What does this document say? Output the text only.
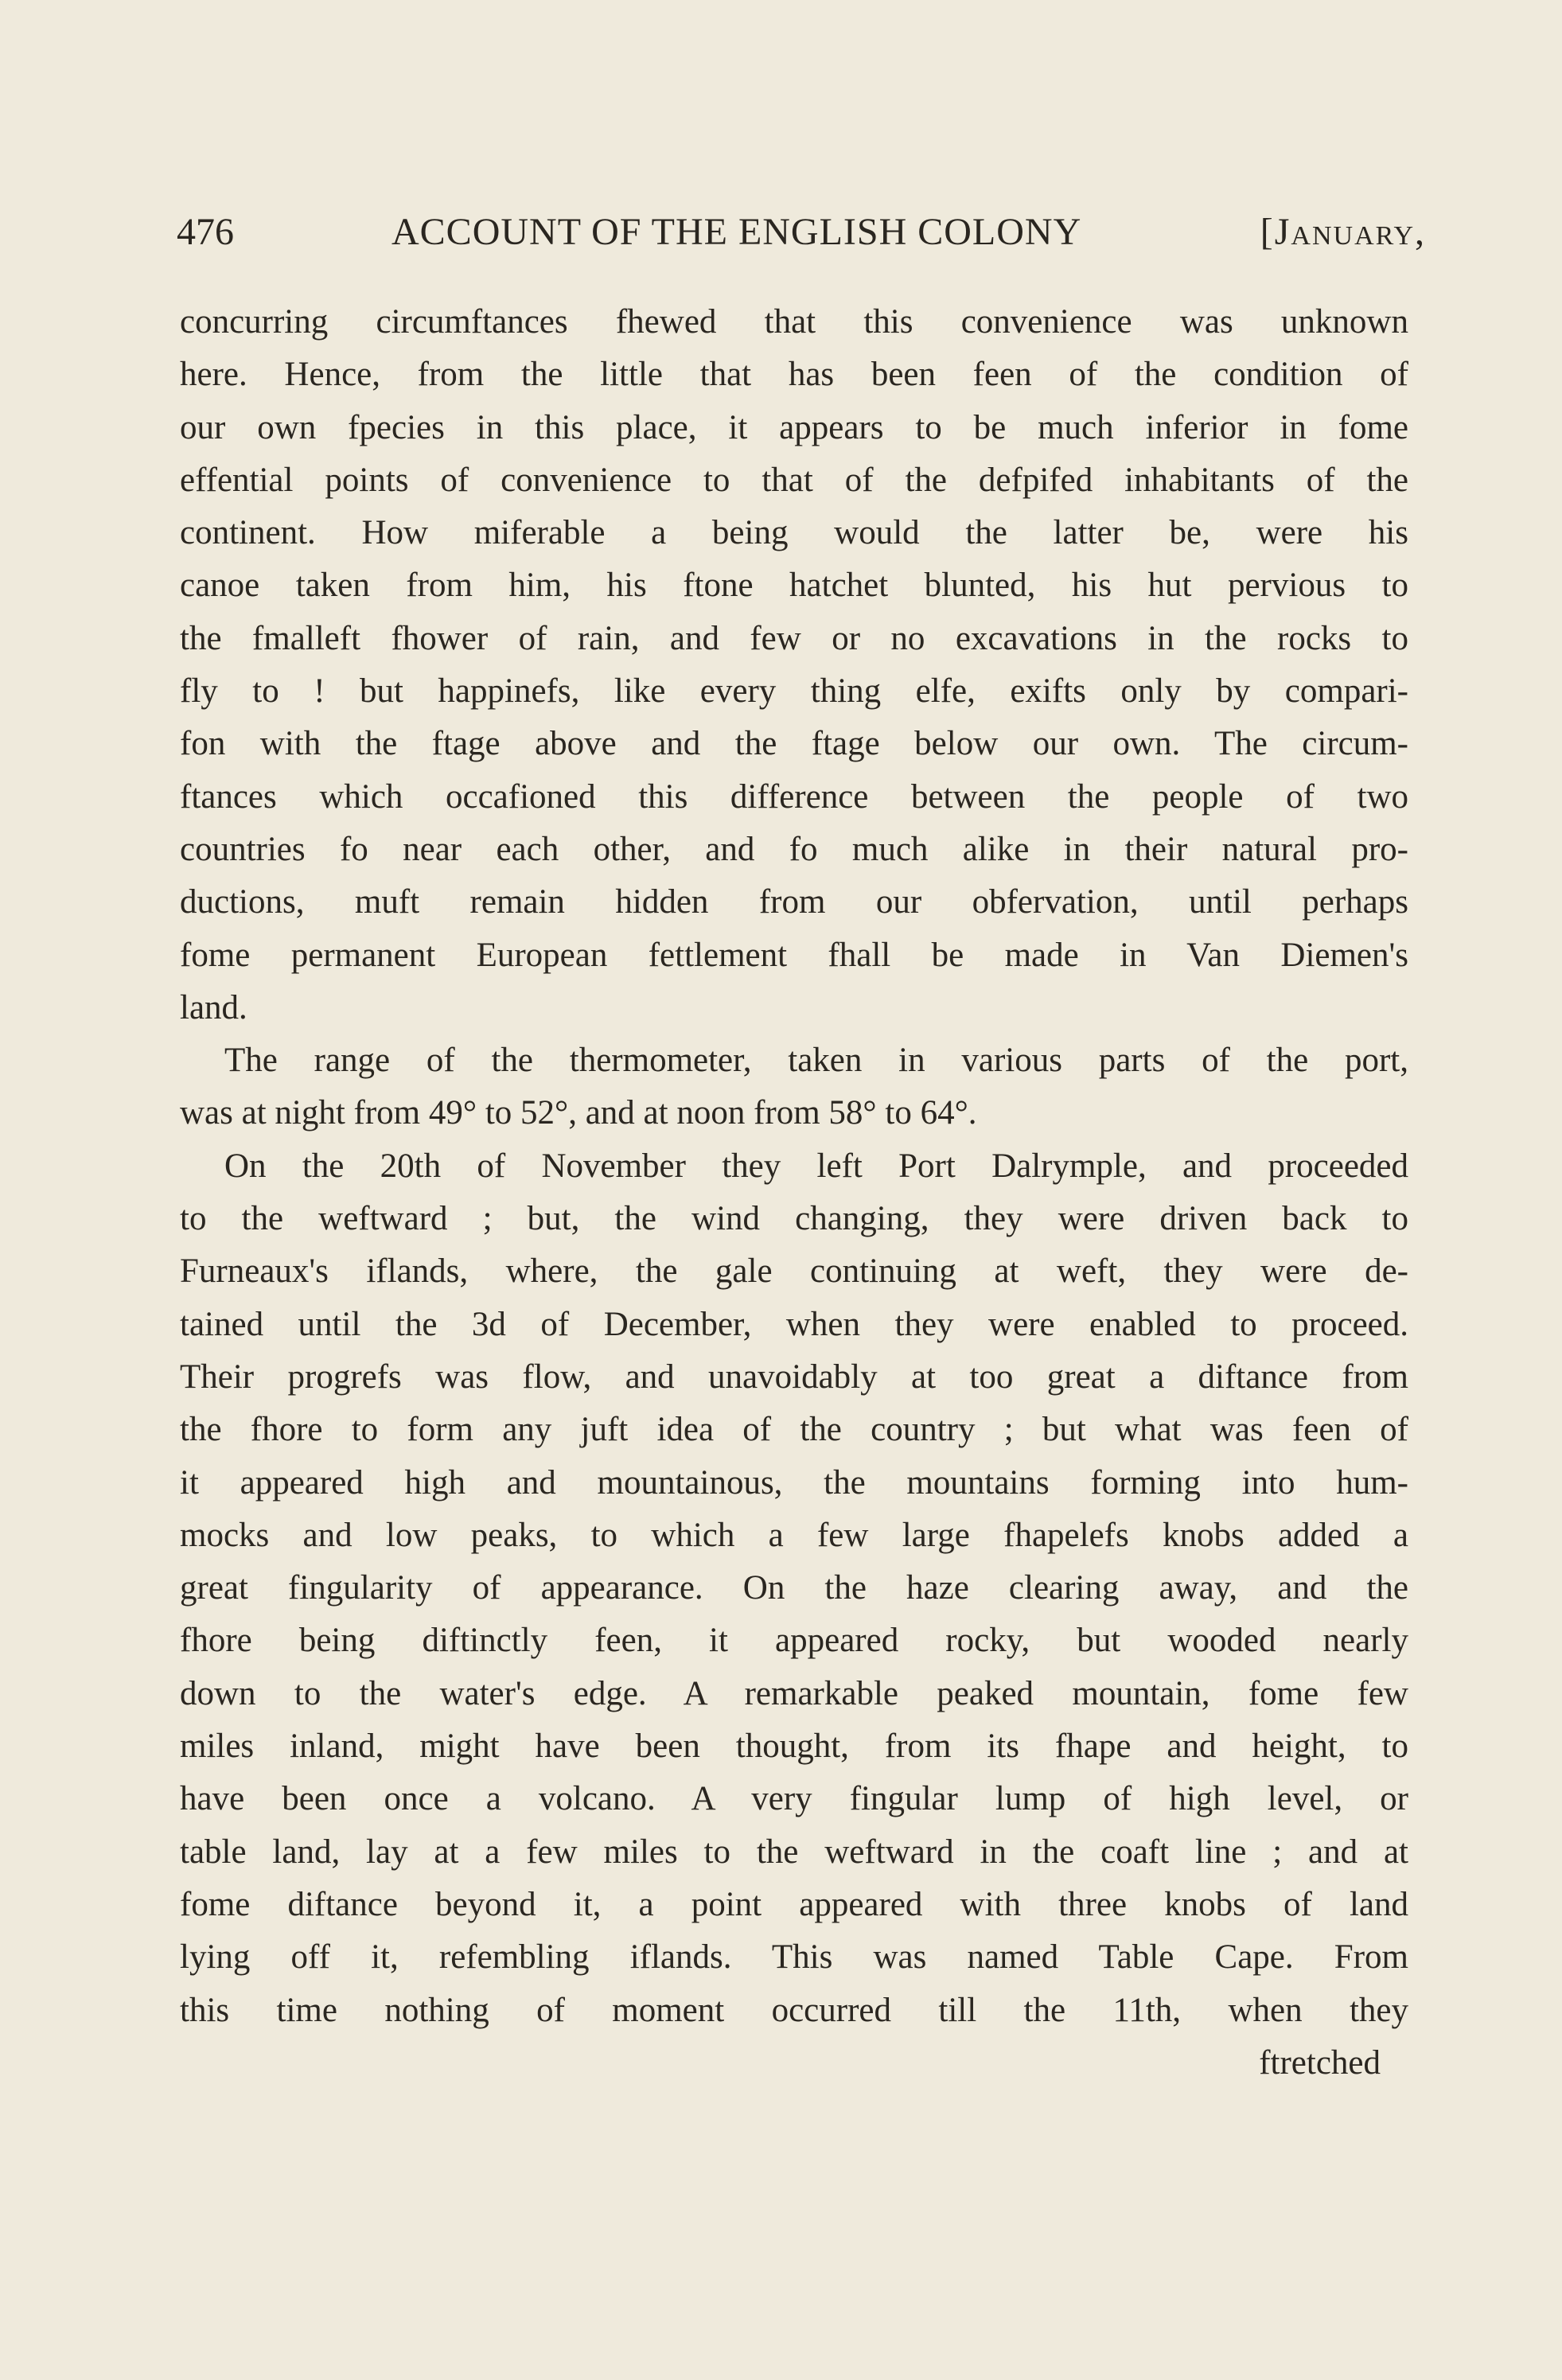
476	ACCOUNT OF THE ENGLISH COLONY	[January,
concurring circumftances fhewed that this convenience was unknown
here. Hence, from the little that has been feen of the condition of
our own fpecies in this place, it appears to be much inferior in fome
effential points of convenience to that of the defpifed inhabitants of the
continent. How miferable a being would the latter be, were his
canoe taken from him, his ftone hatchet blunted, his hut pervious to
the fmalleft fhower of rain, and few or no excavations in the rocks to
fly to ! but happinefs, like every thing elfe, exifts only by compari-
fon with the ftage above and the ftage below our own. The circum-
ftances which occafioned this difference between the people of two
countries fo near each other, and fo much alike in their natural pro-
ductions, muft remain hidden from our obfervation, until perhaps
fome permanent European fettlement fhall be made in Van Diemen's
land.
The range of the thermometer, taken in various parts of the port,
was at night from 49° to 52°, and at noon from 58° to 64°.
On the 20th of November they left Port Dalrymple, and proceeded
to the weftward ; but, the wind changing, they were driven back to
Furneaux's iflands, where, the gale continuing at weft, they were de-
tained until the 3d of December, when they were enabled to proceed.
Their progrefs was flow, and unavoidably at too great a diftance from
the fhore to form any juft idea of the country ; but what was feen of
it appeared high and mountainous, the mountains forming into hum-
mocks and low peaks, to which a few large fhapelefs knobs added a
great fingularity of appearance. On the haze clearing away, and the
fhore being diftinctly feen, it appeared rocky, but wooded nearly
down to the water's edge. A remarkable peaked mountain, fome few
miles inland, might have been thought, from its fhape and height, to
have been once a volcano. A very fingular lump of high level, or
table land, lay at a few miles to the weftward in the coaft line ; and at
fome diftance beyond it, a point appeared with three knobs of land
lying off it, refembling iflands. This was named Table Cape. From
this time nothing of moment occurred till the 11th, when they
ftretched
